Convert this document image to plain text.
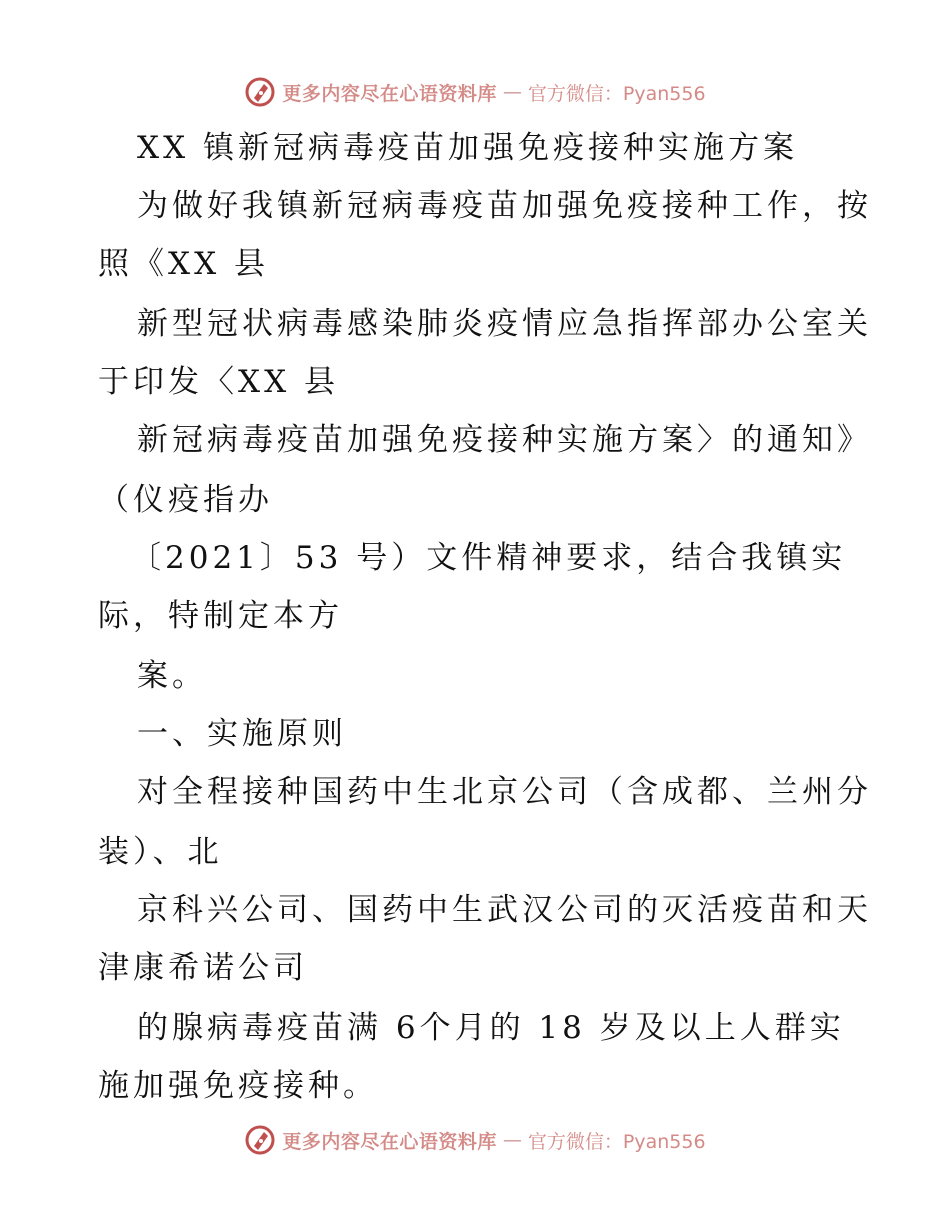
更多内容尽在心语资料库 — 官方微信：Pyan556
XX 镇新冠病毒疫苗加强免疫接种实施方案
为做好我镇新冠病毒疫苗加强免疫接种工作，按
照《XX 县
新型冠状病毒感染肺炎疫情应急指挥部办公室关
于印发〈XX 县
新冠病毒疫苗加强免疫接种实施方案〉的通知》
（仪疫指办
〔2021〕53 号）文件精神要求，结合我镇实
际，特制定本方
案。
一、实施原则
对全程接种国药中生北京公司（含成都、兰州分
装）、北
京科兴公司、国药中生武汉公司的灭活疫苗和天
津康希诺公司
的腺病毒疫苗满 6个月的 18 岁及以上人群实
施加强免疫接种。
更多内容尽在心语资料库 — 官方微信：Pyan556
